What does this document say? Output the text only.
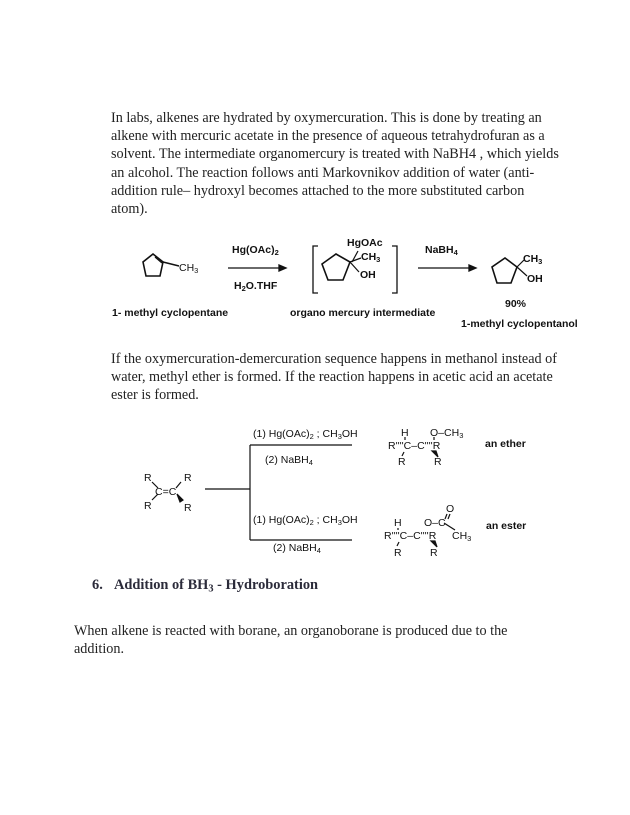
In labs, alkenes are hydrated by oxymercuration. This is done by treating an alkene with mercuric acetate in the presence of aqueous tetrahydrofuran as a solvent. The intermediate organomercury is treated with NaBH4 , which yields an alcohol. The reaction follows anti Markovnikov addition of water (anti-addition rule– hydroxyl becomes attached to the more substituted carbon atom).
$CH_3$
1- methyl cyclopentane
$Hg(OAc)_2$
$H_2O.THF$
HgOAc
$CH_3$
OH
organo mercury intermediate
NaBH$_4$
$CH_3$
OH
90%
1-methyl cyclopentanol
If the oxymercuration-demercuration sequence happens in methanol instead of water, methyl ether is formed. If the reaction happens in acetic acid an acetate ester is formed.
R	R
C=C
R	R
(1) $Hg(OAc)_2$ ; $CH_3OH$
(2) NaBH$_4$
H $O-CH_3$
R''''C–C''''R
R	R
an ether
(1) $Hg(OAc)_2$ ; $CH_3OH$
(2) NaBH$_4$
O
H O–C
R''''C–C''''R $CH_3$
R	R
an ester
6. Addition of $BH_3$ - Hydroboration
When alkene is reacted with borane, an organoborane is produced due to the addition.
